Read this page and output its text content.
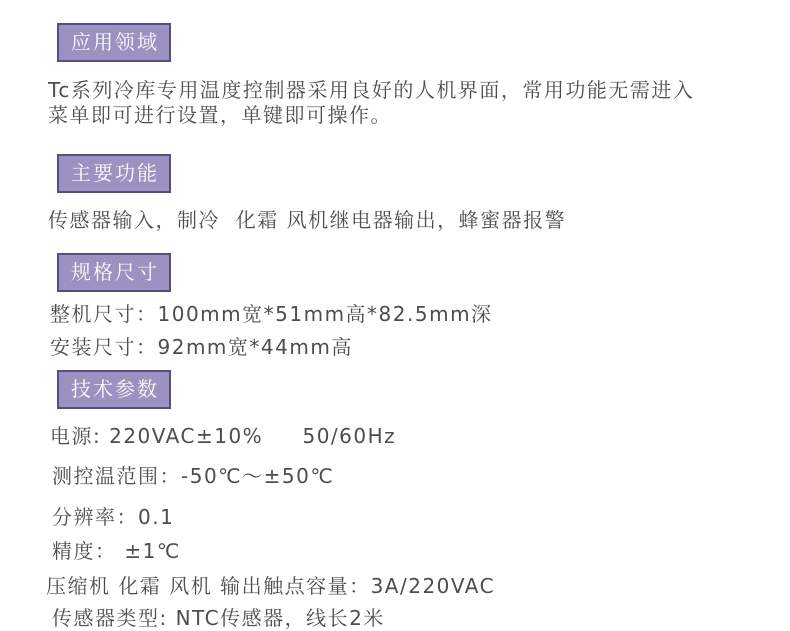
应用领域
Tc系列冷库专用温度控制器采用良好的人机界面，常用功能无需进入
菜单即可进行设置，单键即可操作。
主要功能
传感器输入，制冷  化霜 风机继电器输出，蜂蜜器报警
规格尺寸
整机尺寸：100mm宽*51mm高*82.5mm深
安装尺寸：92mm宽*44mm高
技术参数
电源: 220VAC±10%     50/60Hz
测控温范围：-50℃～±50℃
分辨率：0.1
精度： ±1℃
压缩机 化霜 风机 输出触点容量：3A/220VAC
传感器类型: NTC传感器，线长2米
